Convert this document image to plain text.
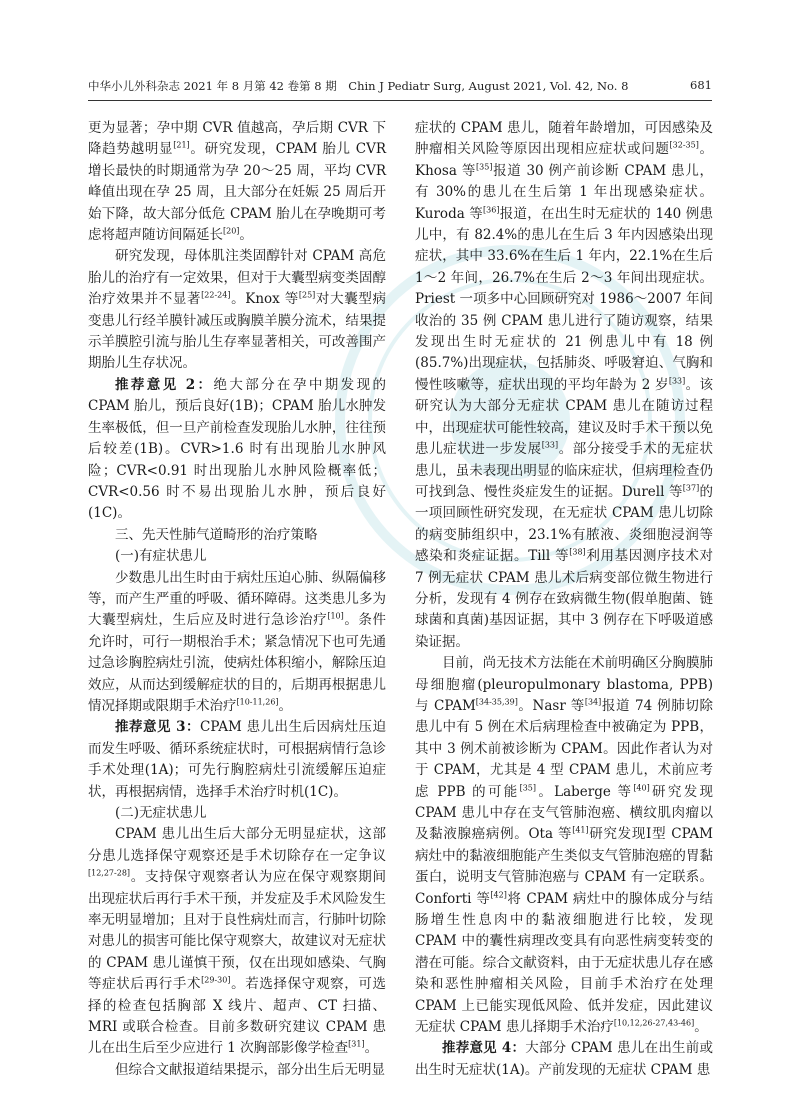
中华小儿外科杂志 2021 年 8 月第 42 卷第 8 期　Chin J Pediatr Surg, August 2021, Vol. 42, No. 8	681

更为显著；孕中期 CVR 值越高，孕后期 CVR 下降趋势越明显[21]。研究发现，CPAM 胎儿 CVR 增长最快的时期通常为孕 20～25 周，平均 CVR 峰值出现在孕 25 周，且大部分在妊娠 25 周后开始下降，故大部分低危 CPAM 胎儿在孕晚期可考虑将超声随访间隔延长[20]。

研究发现，母体肌注类固醇针对 CPAM 高危胎儿的治疗有一定效果，但对于大囊型病变类固醇治疗效果并不显著[22-24]。Knox 等[25]对大囊型病变患儿行经羊膜针减压或胸膜羊膜分流术，结果提示羊膜腔引流与胎儿生存率显著相关，可改善围产期胎儿生存状况。

推荐意见 2：绝大部分在孕中期发现的 CPAM 胎儿，预后良好(1B)；CPAM 胎儿水肿发生率极低，但一旦产前检查发现胎儿水肿，往往预后较差(1B)。CVR>1.6 时有出现胎儿水肿风险；CVR<0.91 时出现胎儿水肿风险概率低；CVR<0.56 时不易出现胎儿水肿，预后良好(1C)。

三、先天性肺气道畸形的治疗策略

(一)有症状患儿

少数患儿出生时由于病灶压迫心肺、纵隔偏移等，而产生严重的呼吸、循环障碍。这类患儿多为大囊型病灶，生后应及时进行急诊治疗[10]。条件允许时，可行一期根治手术；紧急情况下也可先通过急诊胸腔病灶引流，使病灶体积缩小，解除压迫效应，从而达到缓解症状的目的，后期再根据患儿情况择期或限期手术治疗[10-11,26]。

推荐意见 3：CPAM 患儿出生后因病灶压迫而发生呼吸、循环系统症状时，可根据病情行急诊手术处理(1A)；可先行胸腔病灶引流缓解压迫症状，再根据病情，选择手术治疗时机(1C)。

(二)无症状患儿

CPAM 患儿出生后大部分无明显症状，这部分患儿选择保守观察还是手术切除存在一定争议[12,27-28]。支持保守观察者认为应在保守观察期间出现症状后再行手术干预，并发症及手术风险发生率无明显增加；且对于良性病灶而言，行肺叶切除对患儿的损害可能比保守观察大，故建议对无症状的 CPAM 患儿谨慎干预，仅在出现如感染、气胸等症状后再行手术[29-30]。若选择保守观察，可选择的检查包括胸部 X 线片、超声、CT 扫描、MRI 或联合检查。目前多数研究建议 CPAM 患儿在出生后至少应进行 1 次胸部影像学检查[31]。

但综合文献报道结果提示，部分出生后无明显

症状的 CPAM 患儿，随着年龄增加，可因感染及肿瘤相关风险等原因出现相应症状或问题[32-35]。Khosa 等[35]报道 30 例产前诊断 CPAM 患儿，有 30%的患儿在生后第 1 年出现感染症状。Kuroda 等[36]报道，在出生时无症状的 140 例患儿中，有 82.4%的患儿在生后 3 年内因感染出现症状，其中 33.6%在生后 1 年内，22.1%在生后 1～2 年间，26.7%在生后 2～3 年间出现症状。Priest 一项多中心回顾研究对 1986～2007 年间收治的 35 例 CPAM 患儿进行了随访观察，结果发现出生时无症状的 21 例患儿中有 18 例(85.7%)出现症状，包括肺炎、呼吸窘迫、气胸和慢性咳嗽等，症状出现的平均年龄为 2 岁[33]。该研究认为大部分无症状 CPAM 患儿在随访过程中，出现症状可能性较高，建议及时手术干预以免患儿症状进一步发展[33]。部分接受手术的无症状患儿，虽未表现出明显的临床症状，但病理检查仍可找到急、慢性炎症发生的证据。Durell 等[37]的一项回顾性研究发现，在无症状 CPAM 患儿切除的病变肺组织中，23.1%有脓液、炎细胞浸润等感染和炎症证据。Till 等[38]利用基因测序技术对 7 例无症状 CPAM 患儿术后病变部位微生物进行分析，发现有 4 例存在致病微生物(假单胞菌、链球菌和真菌)基因证据，其中 3 例存在下呼吸道感染证据。

目前，尚无技术方法能在术前明确区分胸膜肺母细胞瘤(pleuropulmonary blastoma, PPB)与 CPAM[34-35,39]。Nasr 等[34]报道 74 例肺切除患儿中有 5 例在术后病理检查中被确定为 PPB，其中 3 例术前被诊断为 CPAM。因此作者认为对于 CPAM，尤其是 4 型 CPAM 患儿，术前应考虑 PPB 的可能[35]。Laberge 等[40]研究发现 CPAM 患儿中存在支气管肺泡癌、横纹肌肉瘤以及黏液腺癌病例。Ota 等[41]研究发现Ⅰ型 CPAM 病灶中的黏液细胞能产生类似支气管肺泡癌的胃黏蛋白，说明支气管肺泡癌与 CPAM 有一定联系。Conforti 等[42]将 CPAM 病灶中的腺体成分与结肠增生性息肉中的黏液细胞进行比较，发现 CPAM 中的囊性病理改变具有向恶性病变转变的潜在可能。综合文献资料，由于无症状患儿存在感染和恶性肿瘤相关风险，目前手术治疗在处理 CPAM 上已能实现低风险、低并发症，因此建议无症状 CPAM 患儿择期手术治疗[10,12,26-27,43-46]。

推荐意见 4：大部分 CPAM 患儿在出生前或出生时无症状(1A)。产前发现的无症状 CPAM 患
